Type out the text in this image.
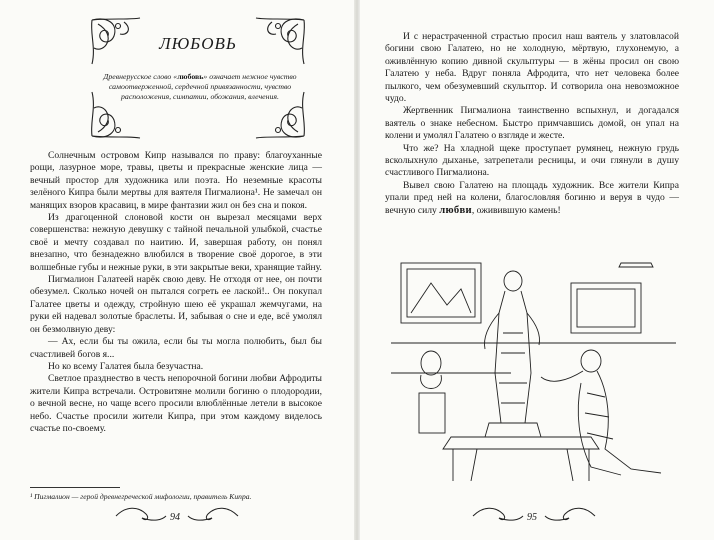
ЛЮБОВЬ
Древнерусское слово «любовь» означает нежное чувство самоотверженной, сердечной привязанности, чувство расположения, симпатии, обожания, влечения.

Солнечным островом Кипр назывался по праву: благоуханные рощи, лазурное море, травы, цветы и прекрасные женские лица — вечный простор для художника или поэта. Но неземные красоты зелёного Кипра были мертвы для ваятеля Пигмалиона¹. Не замечал он манящих взоров красавиц, в мире фантазии жил он без сна и покоя.

Из драгоценной слоновой кости он вырезал месяцами верх совершенства: нежную девушку с тайной печальной улыбкой, счастье своё и мечту создавал по наитию. И, завершая работу, он понял внезапно, что безнадежно влюбился в творение своё дорогое, в эти волшебные губы и нежные руки, в эти закрытые веки, хранящие тайну.

Пигмалион Галатеей нарёк свою деву. Не отходя от нее, он почти обезумел. Сколько ночей он пытался согреть ее лаской!.. Он покупал Галатее цветы и одежду, стройную шею её украшал жемчугами, на руки ей надевал золотые браслеты. И, забывая о сне и еде, всё умолял он безмолвную деву:

— Ах, если бы ты ожила, если бы ты могла полюбить, был бы счастливей богов я...

Но ко всему Галатея была безучастна.

Светлое празднество в честь непорочной богини любви Афродиты жители Кипра встречали. Островитяне молили богиню о плодородии, о вечной весне, но чаще всего просили влюблённые летели в высокое небо. Счастье просили жители Кипра, при этом каждому виделось счастье по-своему.

¹ Пигмалион — герой древнегреческой мифологии, правитель Кипра.
94

И с нерастраченной страстью просил наш ваятель у златовласой богини свою Галатею, но не холодную, мёртвую, глухонемую, а оживлённую копию дивной скульптуры — в жёны просил он свою Галатею у неба. Вдруг поняла Афродита, что нет человека более пылкого, чем обезумевший скульптор. И сотворила она невозможное чудо.

Жертвенник Пигмалиона таинственно вспыхнул, и догадался ваятель о знаке небесном. Быстро примчавшись домой, он упал на колени и умолял Галатею о взгляде и жесте.

Что же? На хладной щеке проступает румянец, нежную грудь всколыхнуло дыханье, затрепетали ресницы, и очи глянули в душу счастливого Пигмалиона.

Вывел свою Галатею на площадь художник. Все жители Кипра упали пред ней на колени, благословляя богиню и веруя в чудо — вечную силу любви, оживившую камень!

95
